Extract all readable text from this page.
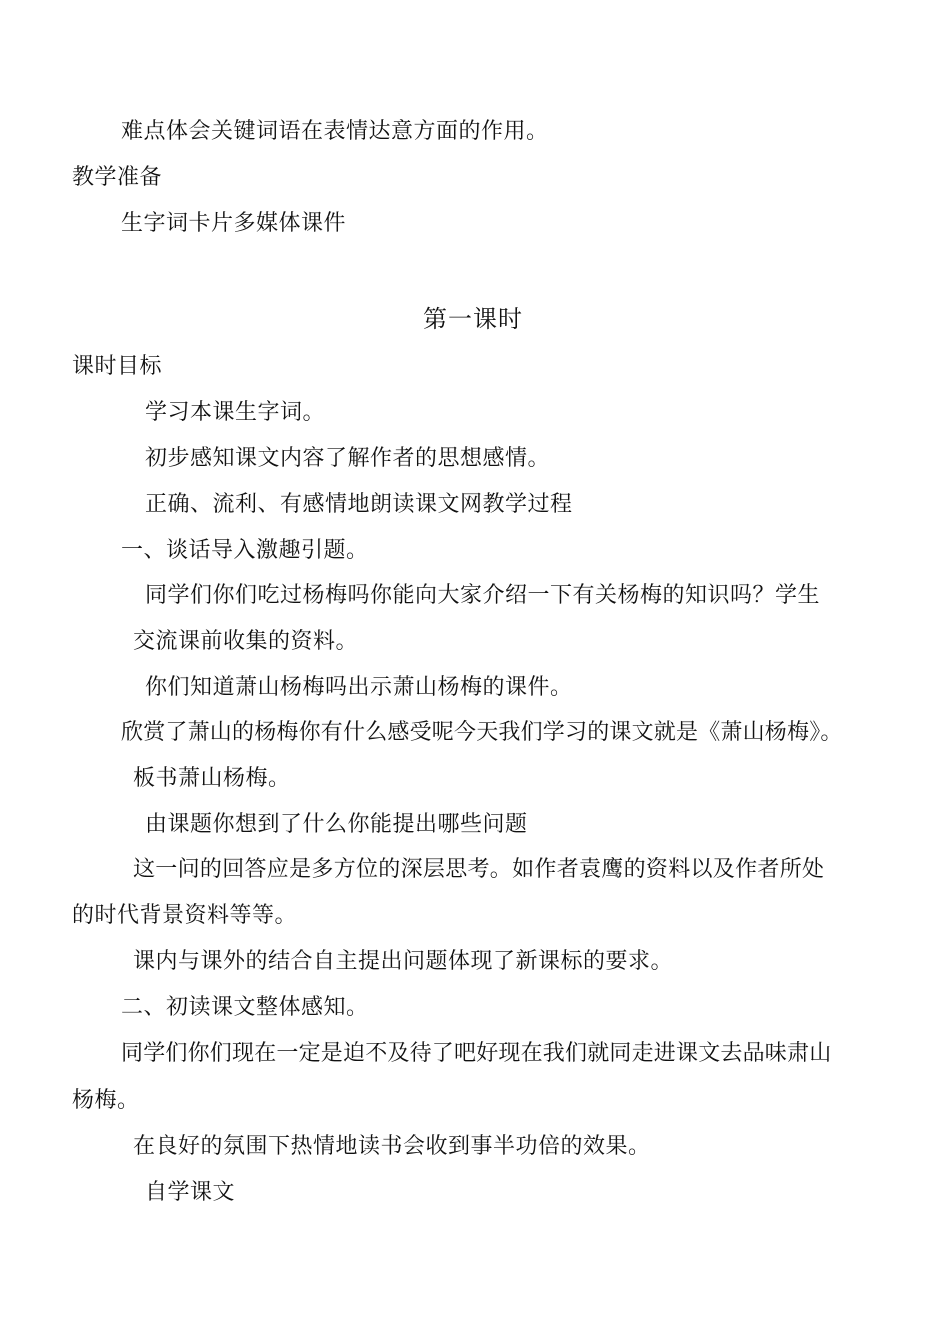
难点体会关键词语在表情达意方面的作用。
教学准备
生字词卡片多媒体课件
第一课时
课时目标
学习本课生字词。
初步感知课文内容了解作者的思想感情。
正确、流利、有感情地朗读课文网教学过程
一、谈话导入激趣引题。
同学们你们吃过杨梅吗你能向大家介绍一下有关杨梅的知识吗？学生
交流课前收集的资料。
你们知道萧山杨梅吗出示萧山杨梅的课件。
欣赏了萧山的杨梅你有什么感受呢今天我们学习的课文就是《萧山杨梅》。
板书萧山杨梅。
由课题你想到了什么你能提出哪些问题
这一问的回答应是多方位的深层思考。如作者袁鹰的资料以及作者所处
的时代背景资料等等。
课内与课外的结合自主提出问题体现了新课标的要求。
二、初读课文整体感知。
同学们你们现在一定是迫不及待了吧好现在我们就同走进课文去品味肃山
杨梅。
在良好的氛围下热情地读书会收到事半功倍的效果。
自学课文
